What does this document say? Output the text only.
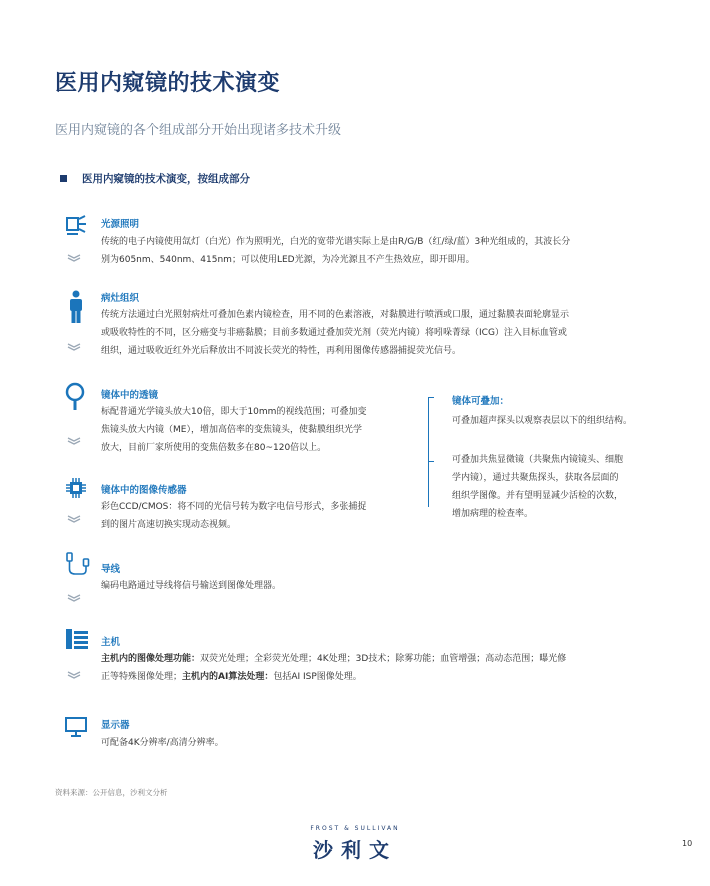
医用内窥镜的技术演变
医用内窥镜的各个组成部分开始出现诸多技术升级
医用内窥镜的技术演变，按组成部分
光源照明
传统的电子内镜使用氙灯（白光）作为照明光，白光的宽带光谱实际上是由R/G/B（红/绿/蓝）3种光组成的，其波长分
别为605nm、540nm、415nm；可以使用LED光源，为冷光源且不产生热效应，即开即用。
病灶组织
传统方法通过白光照射病灶可叠加色素内镜检查，用不同的色素溶液，对黏膜进行喷洒或口服，通过黏膜表面轮廓显示
或吸收特性的不同，区分癌变与非癌黏膜；目前多数通过叠加荧光剂（荧光内镜）将吲哚菁绿（ICG）注入目标血管或
组织，通过吸收近红外光后释放出不同波长荧光的特性，再利用图像传感器捕捉荧光信号。
镜体中的透镜
标配普通光学镜头放大10倍，即大于10mm的视线范围；可叠加变
焦镜头放大内镜（ME），增加高倍率的变焦镜头，使黏膜组织光学
放大，目前厂家所使用的变焦倍数多在80~120倍以上。
镜体中的图像传感器
彩色CCD/CMOS：将不同的光信号转为数字电信号形式，多张捕捉
到的图片高速切换实现动态视频。
镜体可叠加：
可叠加超声探头以观察表层以下的组织结构。
可叠加共焦显微镜（共聚焦内镜镜头、细胞
学内镜），通过共聚焦探头，获取各层面的
组织学图像。并有望明显减少活检的次数，
增加病理的检查率。
导线
编码电路通过导线将信号输送到图像处理器。
主机
主机内的图像处理功能：双荧光处理；全彩荧光处理；4K处理；3D技术；除雾功能；血管增强；高动态范围；曝光修
正等特殊图像处理；主机内的AI算法处理：包括AI ISP图像处理。
显示器
可配备4K分辨率/高清分辨率。
资料来源：公开信息，沙利文分析
FROST & SULLIVAN
沙利文	10
